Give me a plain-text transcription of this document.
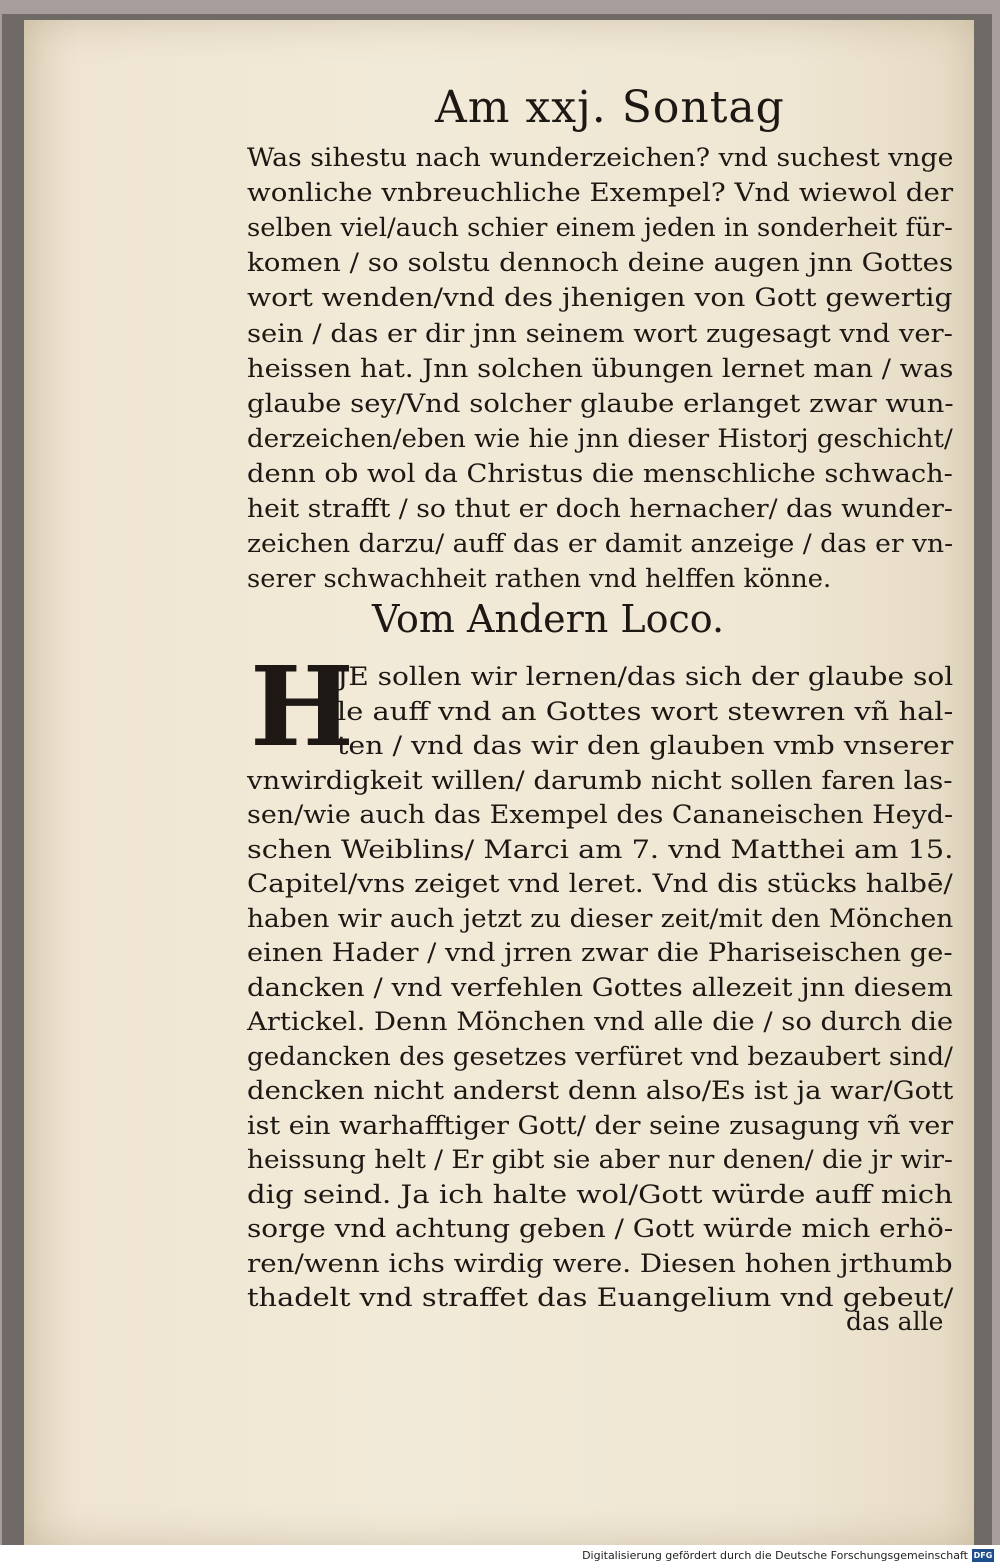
Am xxj. Sontag
Vom Andern Loco.
H
das alle
Digitalisierung gefördert durch die Deutsche Forschungsgemeinschaft DFG
Was sihestu nach wunderzeichen? vnd suchest vnge
wonliche vnbreuchliche Exempel? Vnd wiewol der
selben viel/auch schier einem jeden in sonderheit für-
komen / so solstu dennoch deine augen jnn Gottes
wort wenden/vnd des jhenigen von Gott gewertig
sein / das er dir jnn seinem wort zugesagt vnd ver-
heissen hat. Jnn solchen übungen lernet man / was
glaube sey/Vnd solcher glaube erlanget zwar wun-
derzeichen/eben wie hie jnn dieser Historj geschicht/
denn ob wol da Christus die menschliche schwach-
heit strafft / so thut er doch hernacher/ das wunder-
zeichen darzu/ auff das er damit anzeige / das er vn-
serer schwachheit rathen vnd helffen könne.
JE sollen wir lernen/das sich der glaube sol
le auff vnd an Gottes wort stewren vñ hal-
ten / vnd das wir den glauben vmb vnserer
vnwirdigkeit willen/ darumb nicht sollen faren las-
sen/wie auch das Exempel des Cananeischen Heyd-
schen Weiblins/ Marci am 7. vnd Matthei am 15.
Capitel/vns zeiget vnd leret. Vnd dis stücks halbē/
haben wir auch jetzt zu dieser zeit/mit den Mönchen
einen Hader / vnd jrren zwar die Phariseischen ge-
dancken / vnd verfehlen Gottes allezeit jnn diesem
Artickel. Denn Mönchen vnd alle die / so durch die
gedancken des gesetzes verfüret vnd bezaubert sind/
dencken nicht anderst denn also/Es ist ja war/Gott
ist ein warhafftiger Gott/ der seine zusagung vñ ver
heissung helt / Er gibt sie aber nur denen/ die jr wir-
dig seind. Ja ich halte wol/Gott würde auff mich
sorge vnd achtung geben / Gott würde mich erhö-
ren/wenn ichs wirdig were. Diesen hohen jrthumb
thadelt vnd straffet das Euangelium vnd gebeut/
